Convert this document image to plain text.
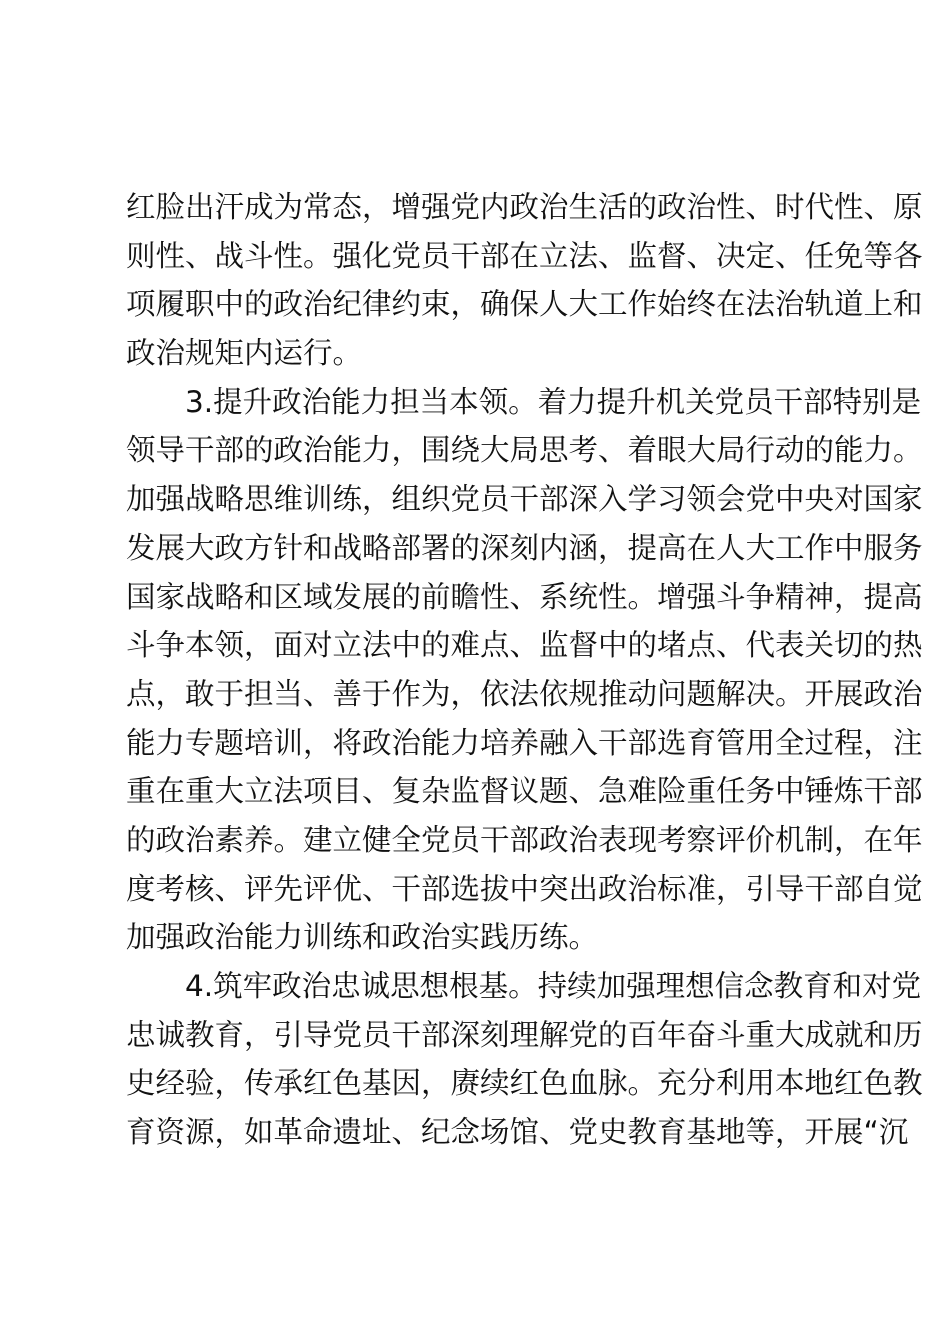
红脸出汗成为常态，增强党内政治生活的政治性、时代性、原
则性、战斗性。强化党员干部在立法、监督、决定、任免等各
项履职中的政治纪律约束，确保人大工作始终在法治轨道上和
政治规矩内运行。
　　3.提升政治能力担当本领。着力提升机关党员干部特别是
领导干部的政治能力，围绕大局思考、着眼大局行动的能力。
加强战略思维训练，组织党员干部深入学习领会党中央对国家
发展大政方针和战略部署的深刻内涵，提高在人大工作中服务
国家战略和区域发展的前瞻性、系统性。增强斗争精神，提高
斗争本领，面对立法中的难点、监督中的堵点、代表关切的热
点，敢于担当、善于作为，依法依规推动问题解决。开展政治
能力专题培训，将政治能力培养融入干部选育管用全过程，注
重在重大立法项目、复杂监督议题、急难险重任务中锤炼干部
的政治素养。建立健全党员干部政治表现考察评价机制，在年
度考核、评先评优、干部选拔中突出政治标准，引导干部自觉
加强政治能力训练和政治实践历练。
　　4.筑牢政治忠诚思想根基。持续加强理想信念教育和对党
忠诚教育，引导党员干部深刻理解党的百年奋斗重大成就和历
史经验，传承红色基因，赓续红色血脉。充分利用本地红色教
育资源，如革命遗址、纪念场馆、党史教育基地等，开展“沉
